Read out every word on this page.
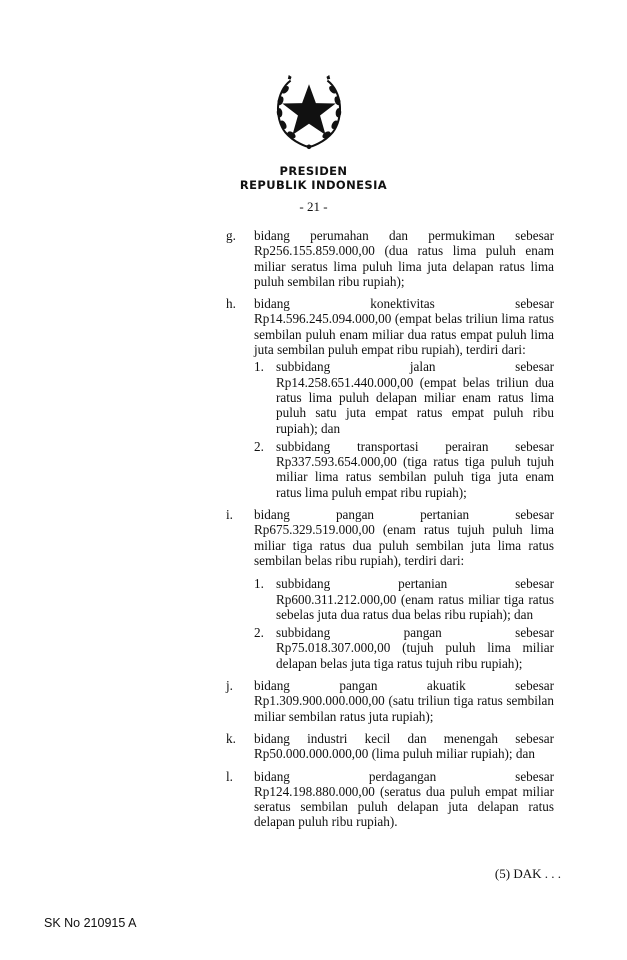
PRESIDEN
REPUBLIK INDONESIA
- 21 -
g.	bidang perumahan dan permukiman sebesar
Rp256.155.859.000,00 (dua ratus lima puluh enam miliar seratus lima puluh lima juta delapan ratus lima puluh sembilan ribu rupiah);
h.	bidang konektivitas sebesar
Rp14.596.245.094.000,00 (empat belas triliun lima ratus sembilan puluh enam miliar dua ratus empat puluh lima juta sembilan puluh empat ribu rupiah), terdiri dari:
1. subbidang jalan sebesar
Rp14.258.651.440.000,00 (empat belas triliun dua ratus lima puluh delapan miliar enam ratus lima puluh satu juta empat ratus empat puluh ribu rupiah); dan
2. subbidang transportasi perairan sebesar
Rp337.593.654.000,00 (tiga ratus tiga puluh tujuh miliar lima ratus sembilan puluh tiga juta enam ratus lima puluh empat ribu rupiah);
i.	bidang pangan pertanian sebesar
Rp675.329.519.000,00 (enam ratus tujuh puluh lima miliar tiga ratus dua puluh sembilan juta lima ratus sembilan belas ribu rupiah), terdiri dari:
1. subbidang pertanian sebesar
Rp600.311.212.000,00 (enam ratus miliar tiga ratus sebelas juta dua ratus dua belas ribu rupiah); dan
2. subbidang pangan sebesar
Rp75.018.307.000,00 (tujuh puluh lima miliar delapan belas juta tiga ratus tujuh ribu rupiah);
j.	bidang pangan akuatik sebesar
Rp1.309.900.000.000,00 (satu triliun tiga ratus sembilan miliar sembilan ratus juta rupiah);
k.	bidang industri kecil dan menengah sebesar
Rp50.000.000.000,00 (lima puluh miliar rupiah); dan
l.	bidang perdagangan sebesar
Rp124.198.880.000,00 (seratus dua puluh empat miliar seratus sembilan puluh delapan juta delapan ratus delapan puluh ribu rupiah).
(5) DAK . . .
SK No 210915 A
